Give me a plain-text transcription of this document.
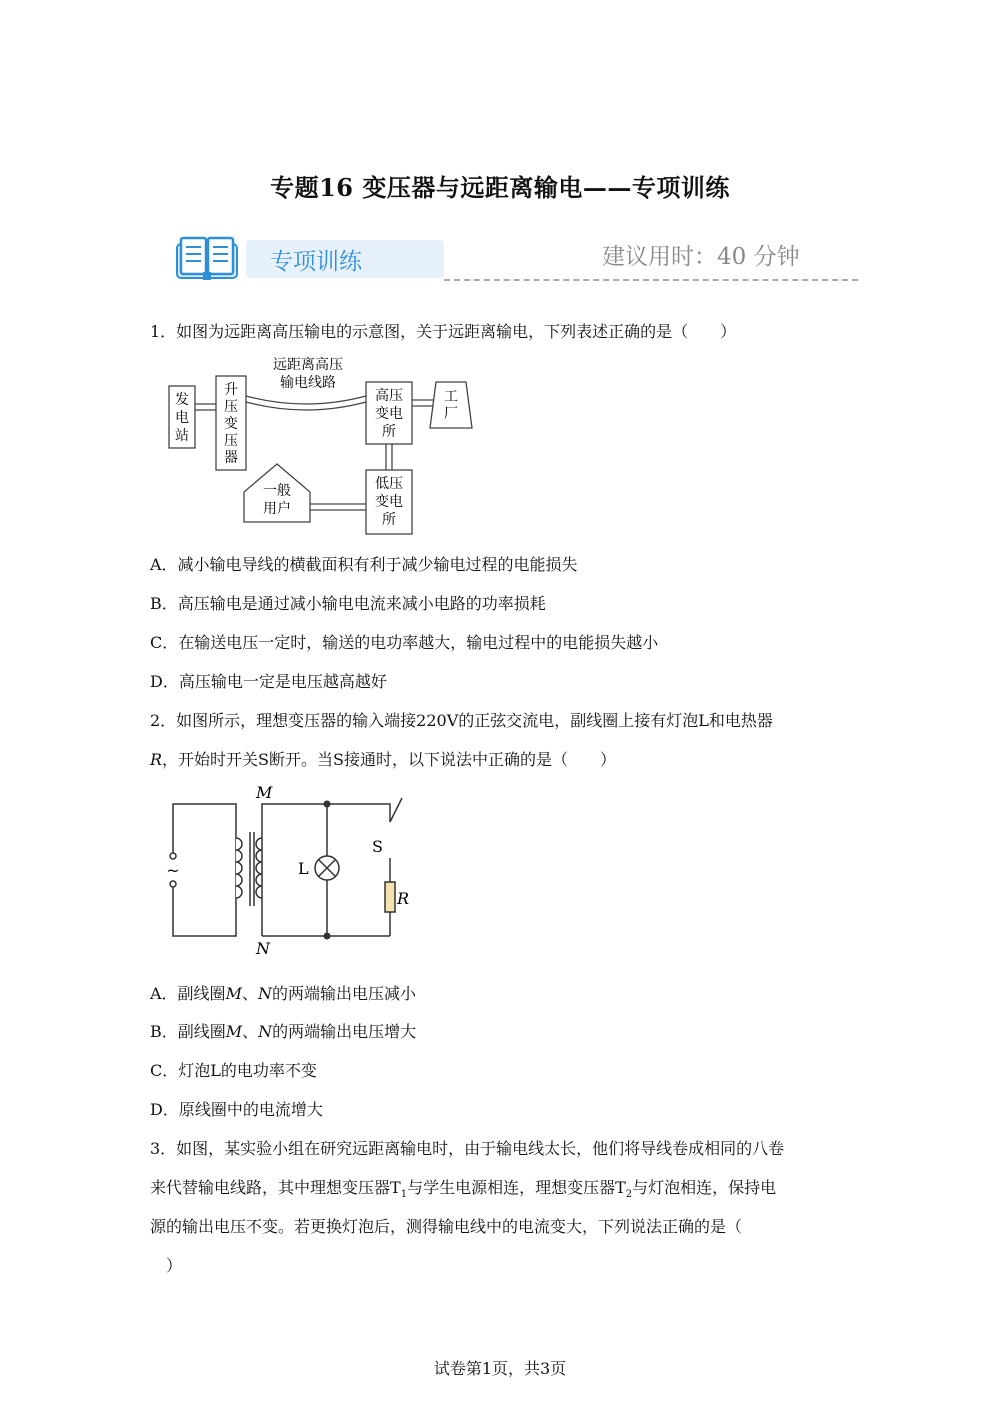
专题16 变压器与远距离输电——专项训练
专项训练	建议用时：40 分钟
1．如图为远距离高压输电的示意图，关于远距离输电，下列表述正确的是（　　）
发
电
站
升
压
变
压
器
远距离高压
输电线路
高压
变电
所
工
厂
低压
变电
所
一般
用户
A．减小输电导线的横截面积有利于减少输电过程的电能损失
B．高压输电是通过减小输电电流来减小电路的功率损耗
C．在输送电压一定时，输送的电功率越大，输电过程中的电能损失越小
D．高压输电一定是电压越高越好
2．如图所示，理想变压器的输入端接220V的正弦交流电，副线圈上接有灯泡L和电热器
R，开始时开关S断开。当S接通时，以下说法中正确的是（　　）
~
M
N
L
S
R
A．副线圈M、N的两端输出电压减小
B．副线圈M、N的两端输出电压增大
C．灯泡L的电功率不变
D．原线圈中的电流增大
3．如图，某实验小组在研究远距离输电时，由于输电线太长，他们将导线卷成相同的八卷
来代替输电线路，其中理想变压器$T_1$与学生电源相连，理想变压器$T_2$与灯泡相连，保持电
源的输出电压不变。若更换灯泡后，测得输电线中的电流变大，下列说法正确的是（
）
试卷第1页，共3页
